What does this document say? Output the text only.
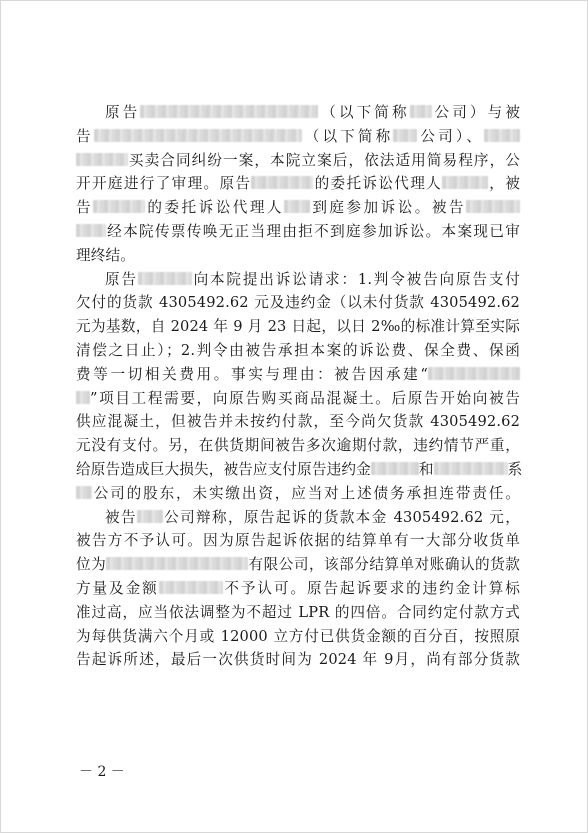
原告	（以下简称 公司）与被
告	（以下简称 公司）、
买卖合同纠纷一案，本院立案后，依法适用简易程序，公
开开庭进行了审理。原告	的委托诉讼代理人	，被
告	的委托诉讼代理人 到庭参加诉讼。被告
经本院传票传唤无正当理由拒不到庭参加诉讼。本案现已审
理终结。
原告	向本院提出诉讼请求：1.判令被告向原告支付
欠付的货款 4305492.62 元及违约金（以未付货款 4305492.62
元为基数，自 2024 年 9 月 23 日起，以日 2‰的标准计算至实际
清偿之日止）；2.判令由被告承担本案的诉讼费、保全费、保函
费等一切相关费用。事实与理由：被告因承建“
”项目工程需要，向原告购买商品混凝土。后原告开始向被告
供应混凝土，但被告并未按约付款，至今尚欠货款 4305492.62
元没有支付。另，在供货期间被告多次逾期付款，违约情节严重，
给原告造成巨大损失，被告应支付原告违约金	和	系
公司的股东，未实缴出资，应当对上述债务承担连带责任。
被告 公司辩称，原告起诉的货款本金 4305492.62 元，
被告方不予认可。因为原告起诉依据的结算单有一大部分收货单
位为	有限公司，该部分结算单对账确认的货款
方量及金额	不予认可。原告起诉要求的违约金计算标
准过高，应当依法调整为不超过 LPR 的四倍。合同约定付款方式
为每供货满六个月或 12000 立方付已供货金额的百分百，按照原
告起诉所述，最后一次供货时间为 2024 年 9月，尚有部分货款
－ 2 －
